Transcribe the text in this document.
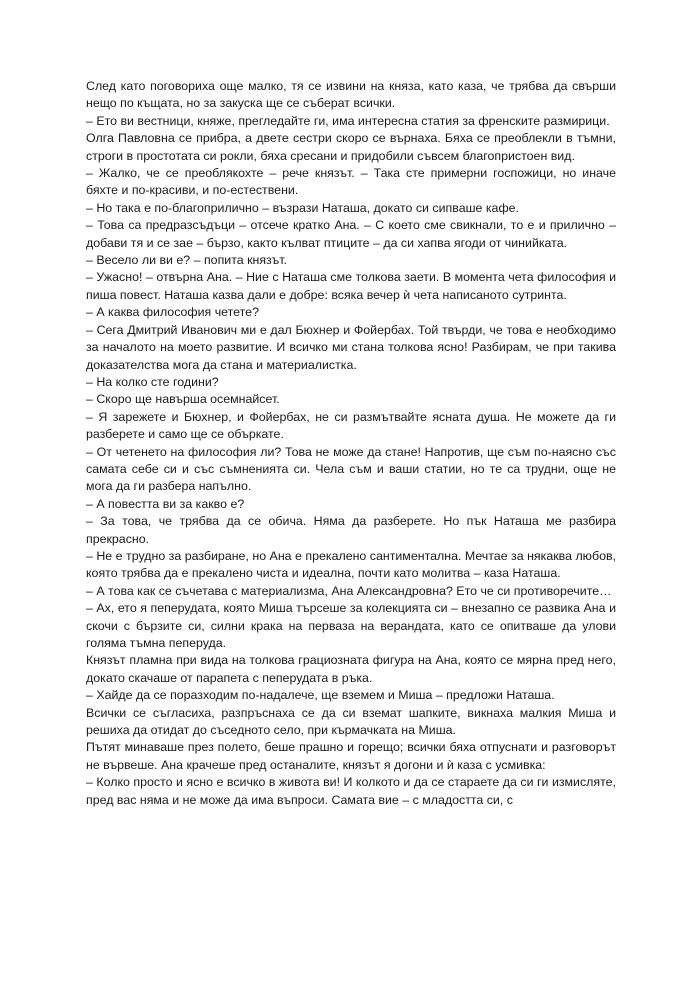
След като поговориха още малко, тя се извини на княза, като каза, че трябва да свърши нещо по къщата, но за закуска ще се съберат всички.

– Ето ви вестници, княже, прегледайте ги, има интересна статия за френските размирици.

Олга Павловна се прибра, а двете сестри скоро се върнаха. Бяха се преоблекли в тъмни, строги в простотата си рокли, бяха сресани и придобили съвсем благопристоен вид.

– Жалко, че се преоблякохте – рече князът. – Така сте примерни госпожици, но иначе бяхте и по-красиви, и по-естествени.

– Но така е по-благоприлично – възрази Наташа, докато си сипваше кафе.

– Това са предразсъдъци – отсече кратко Ана. – С което сме свикнали, то е и прилично – добави тя и се зае – бързо, както кълват птиците – да си хапва ягоди от чинийката.

– Весело ли ви е? – попита князът.

– Ужасно! – отвърна Ана. – Ние с Наташа сме толкова заети. В момента чета философия и пиша повест. Наташа казва дали е добре: всяка вечер ѝ чета написаното сутринта.

– А каква философия четете?

– Сега Дмитрий Иванович ми е дал Бюхнер и Фойербах. Той твърди, че това е необходимо за началото на моето развитие. И всичко ми стана толкова ясно! Разбирам, че при такива доказателства мога да стана и материалистка.

– На колко сте години?

– Скоро ще навърша осемнайсет.

– Я зарежете и Бюхнер, и Фойербах, не си размътвайте ясната душа. Не можете да ги разберете и само ще се объркате.

– От четенето на философия ли? Това не може да стане! Напротив, ще съм по-наясно със самата себе си и със съмненията си. Чела съм и ваши статии, но те са трудни, още не мога да ги разбера напълно.

– А повестта ви за какво е?

– За това, че трябва да се обича. Няма да разберете. Но пък Наташа ме разбира прекрасно.

– Не е трудно за разбиране, но Ана е прекалено сантиментална. Мечтае за някаква любов, която трябва да е прекалено чиста и идеална, почти като молитва – каза Наташа.

– А това как се съчетава с материализма, Ана Александровна? Ето че си противоречите…

– Ах, ето я пеперудата, която Миша търсеше за колекцията си – внезапно се развика Ана и скочи с бързите си, силни крака на перваза на верандата, като се опитваше да улови голяма тъмна пеперуда.

Князът пламна при вида на толкова грациозната фигура на Ана, която се мярна пред него, докато скачаше от парапета с пеперудата в ръка.

– Хайде да се поразходим по-надалече, ще вземем и Миша – предложи Наташа.

Всички се съгласиха, разпръснаха се да си вземат шапките, викнаха малкия Миша и решиха да отидат до съседното село, при кърмачката на Миша.

Пътят минаваше през полето, беше прашно и горещо; всички бяха отпуснати и разговорът не вървеше. Ана крачеше пред останалите, князът я догони и ѝ каза с усмивка:

– Колко просто и ясно е всичко в живота ви! И колкото и да се стараете да си ги измисляте, пред вас няма и не може да има въпроси. Самата вие – с младостта си, с
